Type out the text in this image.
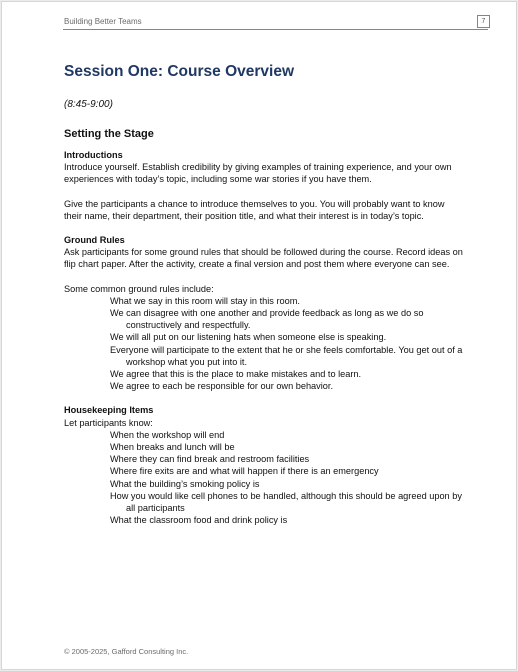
Building Better Teams	7
Session One: Course Overview
(8:45-9:00)
Setting the Stage
Introductions

Introduce yourself. Establish credibility by giving examples of training experience, and your own experiences with today’s topic, including some war stories if you have them.

Give the participants a chance to introduce themselves to you. You will probably want to know their name, their department, their position title, and what their interest is in today’s topic.

Ground Rules

Ask participants for some ground rules that should be followed during the course. Record ideas on flip chart paper. After the activity, create a final version and post them where everyone can see.

Some common ground rules include:

What we say in this room will stay in this room.
We can disagree with one another and provide feedback as long as we do so
constructively and respectfully.
We will all put on our listening hats when someone else is speaking.
Everyone will participate to the extent that he or she feels comfortable. You get out of a
workshop what you put into it.
We agree that this is the place to make mistakes and to learn.
We agree to each be responsible for our own behavior.
Housekeeping Items

Let participants know:

When the workshop will end
When breaks and lunch will be
Where they can find break and restroom facilities
Where fire exits are and what will happen if there is an emergency
What the building’s smoking policy is
How you would like cell phones to be handled, although this should be agreed upon by
all participants
What the classroom food and drink policy is
© 2005-2025, Gafford Consulting Inc.
